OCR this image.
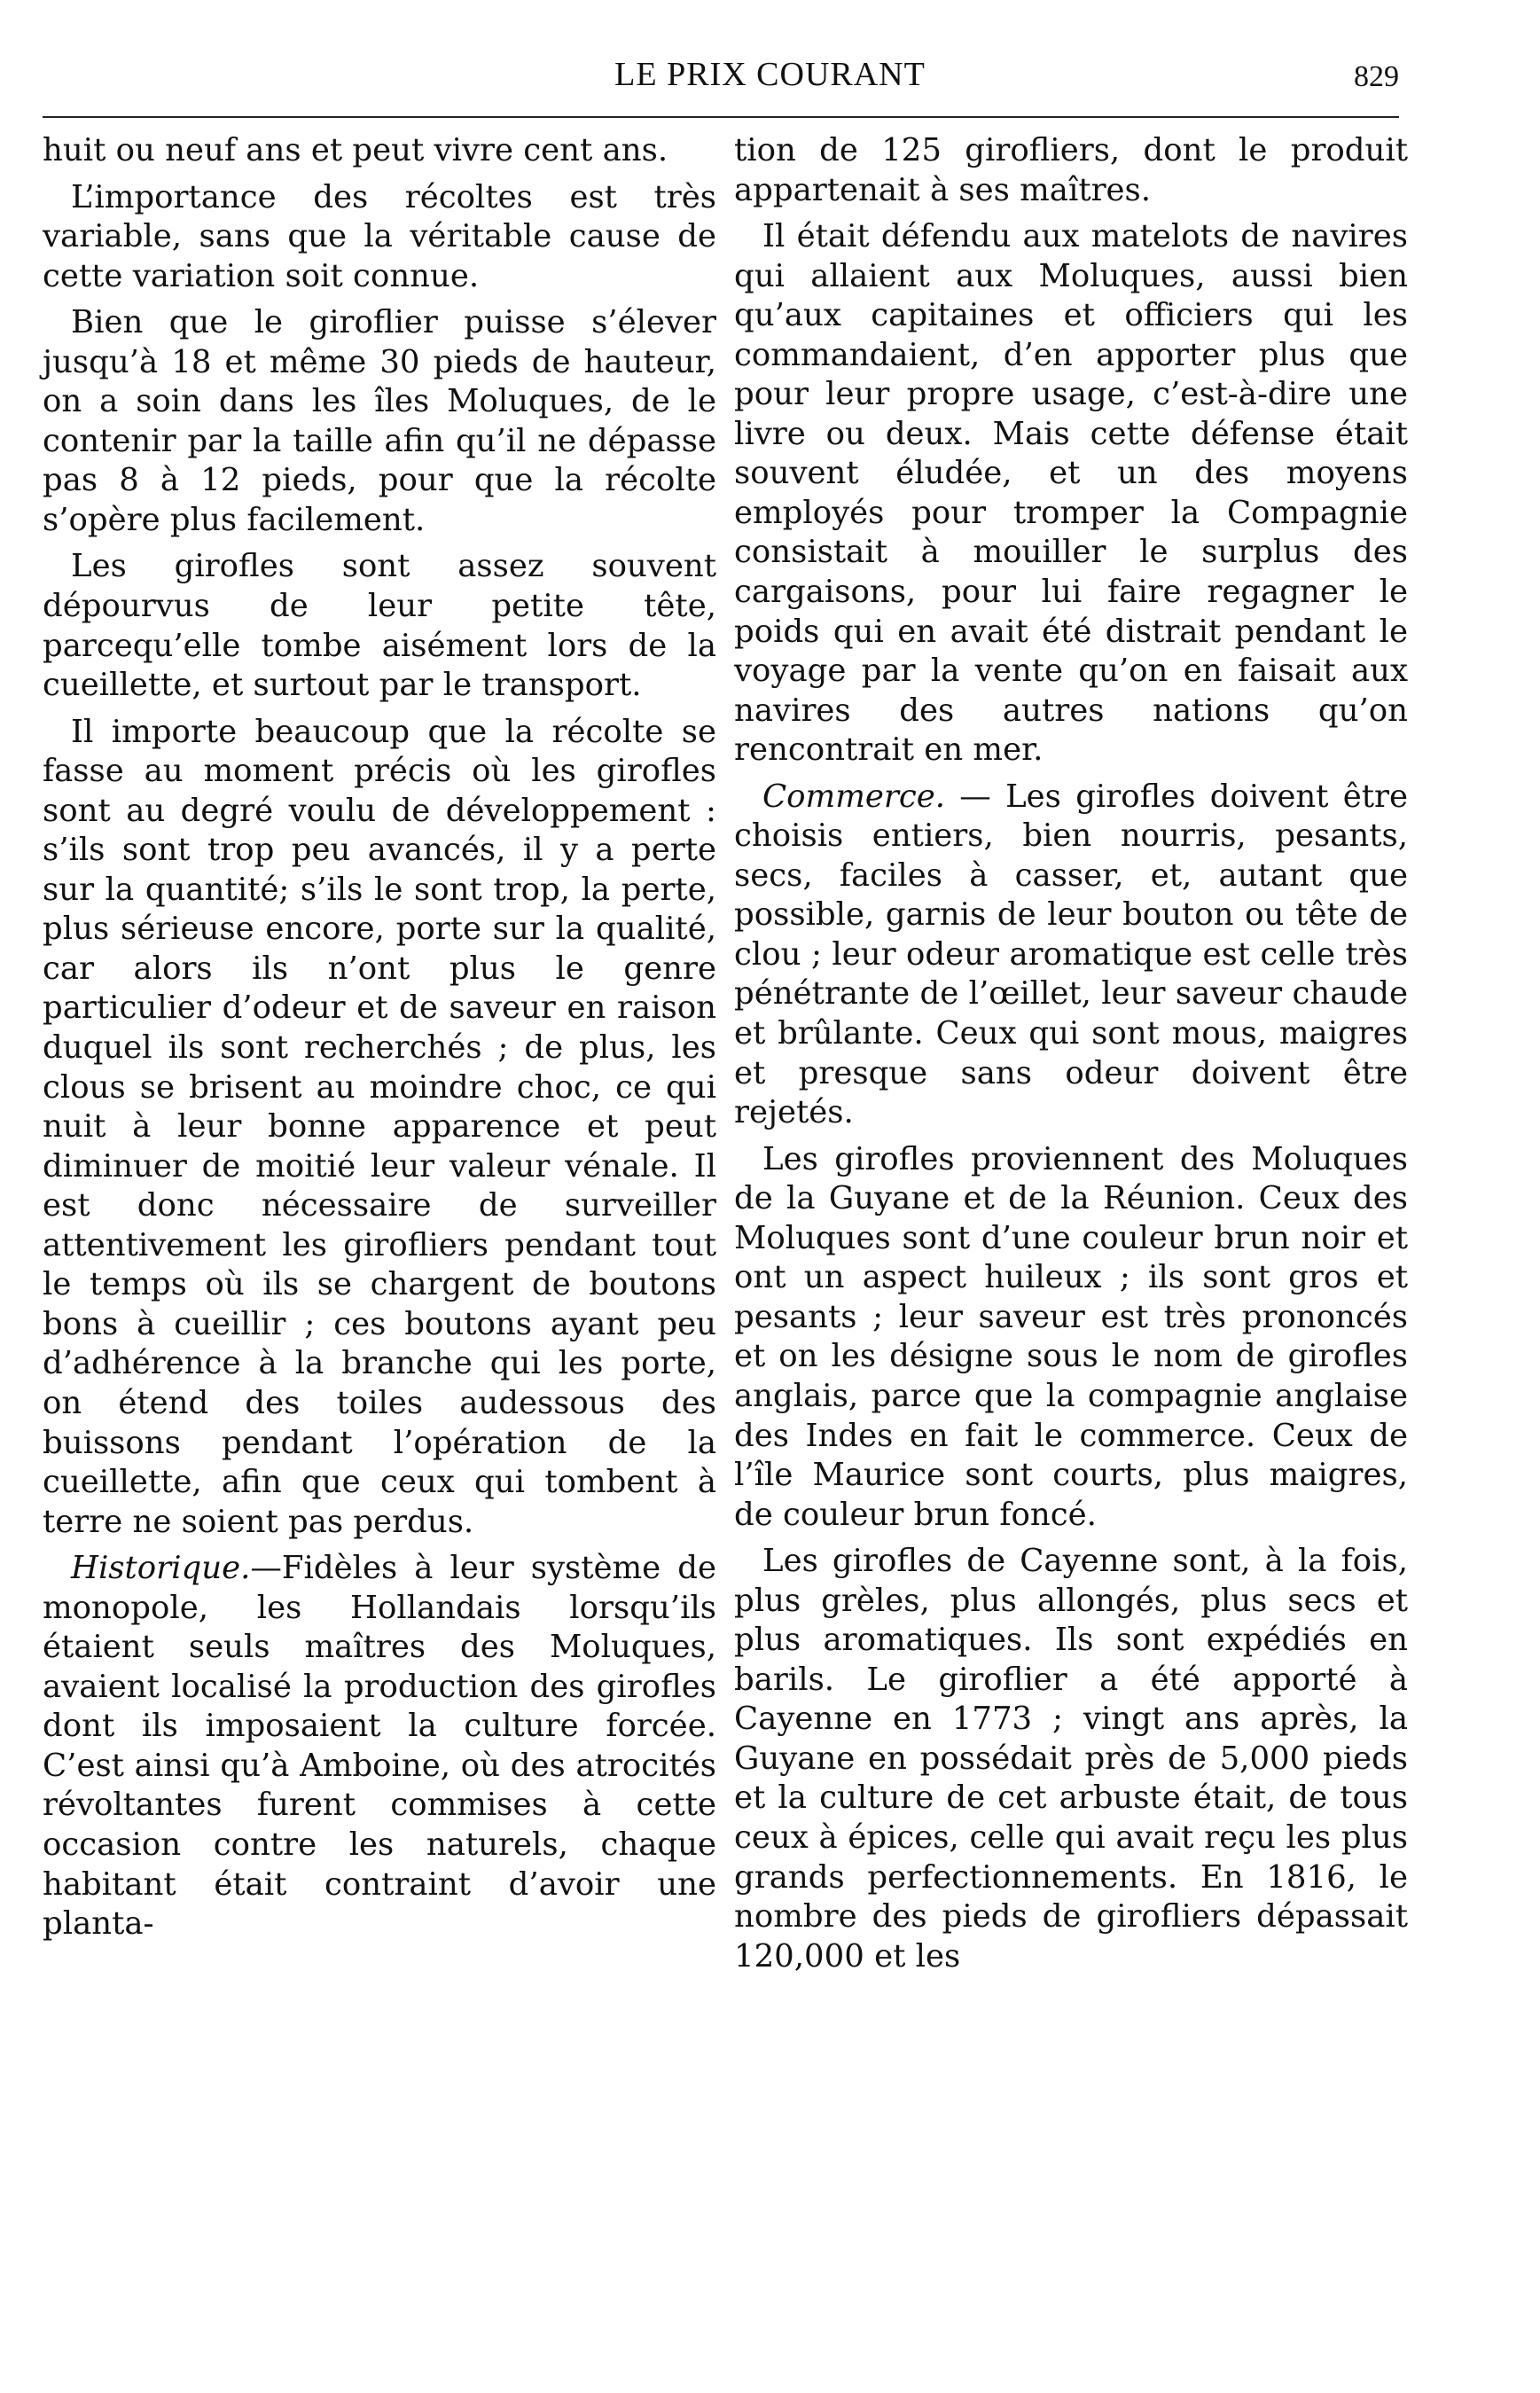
LE PRIX COURANT	829

huit ou neuf ans et peut vivre cent ans.

L’importance des récoltes est très variable, sans que la véritable cause de cette variation soit connue.

Bien que le giroflier puisse s’élever jusqu’à 18 et même 30 pieds de hauteur, on a soin dans les îles Moluques, de le contenir par la taille afin qu’il ne dépasse pas 8 à 12 pieds, pour que la récolte s’opère plus facilement.

Les girofles sont assez souvent dépourvus de leur petite tête, parcequ’elle tombe aisément lors de la cueillette, et surtout par le transport.

Il importe beaucoup que la récolte se fasse au moment précis où les girofles sont au degré voulu de développement : s’ils sont trop peu avancés, il y a perte sur la quantité; s’ils le sont trop, la perte, plus sérieuse encore, porte sur la qualité, car alors ils n’ont plus le genre particulier d’odeur et de saveur en raison duquel ils sont recherchés ; de plus, les clous se brisent au moindre choc, ce qui nuit à leur bonne apparence et peut diminuer de moitié leur valeur vénale. Il est donc nécessaire de surveiller attentivement les girofliers pendant tout le temps où ils se chargent de boutons bons à cueillir ; ces boutons ayant peu d’adhérence à la branche qui les porte, on étend des toiles audessous des buissons pendant l’opération de la cueillette, afin que ceux qui tombent à terre ne soient pas perdus.

Historique.—Fidèles à leur système de monopole, les Hollandais lorsqu’ils étaient seuls maîtres des Moluques, avaient localisé la production des girofles dont ils imposaient la culture forcée. C’est ainsi qu’à Amboine, où des atrocités révoltantes furent commises à cette occasion contre les naturels, chaque habitant était contraint d’avoir une planta-

tion de 125 girofliers, dont le produit appartenait à ses maîtres.

Il était défendu aux matelots de navires qui allaient aux Moluques, aussi bien qu’aux capitaines et officiers qui les commandaient, d’en apporter plus que pour leur propre usage, c’est-à-dire une livre ou deux. Mais cette défense était souvent éludée, et un des moyens employés pour tromper la Compagnie consistait à mouiller le surplus des cargaisons, pour lui faire regagner le poids qui en avait été distrait pendant le voyage par la vente qu’on en faisait aux navires des autres nations qu’on rencontrait en mer.

Commerce. — Les girofles doivent être choisis entiers, bien nourris, pesants, secs, faciles à casser, et, autant que possible, garnis de leur bouton ou tête de clou ; leur odeur aromatique est celle très pénétrante de l’œillet, leur saveur chaude et brûlante. Ceux qui sont mous, maigres et presque sans odeur doivent être rejetés.

Les girofles proviennent des Moluques de la Guyane et de la Réunion. Ceux des Moluques sont d’une couleur brun noir et ont un aspect huileux ; ils sont gros et pesants ; leur saveur est très prononcés et on les désigne sous le nom de girofles anglais, parce que la compagnie anglaise des Indes en fait le commerce. Ceux de l’île Maurice sont courts, plus maigres, de couleur brun foncé.

Les girofles de Cayenne sont, à la fois, plus grèles, plus allongés, plus secs et plus aromatiques. Ils sont expédiés en barils. Le giroflier a été apporté à Cayenne en 1773 ; vingt ans après, la Guyane en possédait près de 5,000 pieds et la culture de cet arbuste était, de tous ceux à épices, celle qui avait reçu les plus grands perfectionnements. En 1816, le nombre des pieds de girofliers dépassait 120,000 et les
